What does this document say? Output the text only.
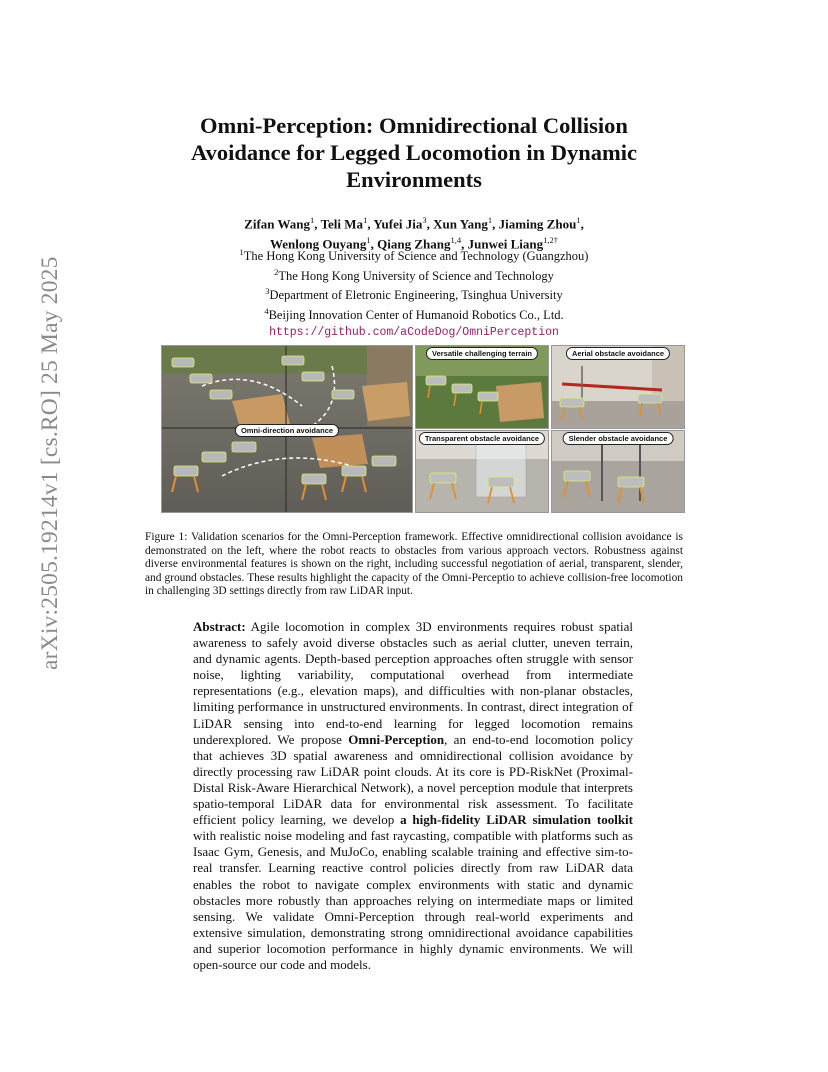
arXiv:2505.19214v1 [cs.RO] 25 May 2025
Omni-Perception: Omnidirectional Collision Avoidance for Legged Locomotion in Dynamic Environments
Zifan Wang$^1$, Teli Ma$^1$, Yufei Jia$^3$, Xun Yang$^1$, Jiaming Zhou$^1$,
Wenlong Ouyang$^1$, Qiang Zhang$^{1,4}$, Junwei Liang$^{1,2\dagger}$
$^1$The Hong Kong University of Science and Technology (Guangzhou)
$^2$The Hong Kong University of Science and Technology
$^3$Department of Eletronic Engineering, Tsinghua University
$^4$Beijing Innovation Center of Humanoid Robotics Co., Ltd.
https://github.com/aCodeDog/OmniPerception
Omni-direction avoidance
Versatile challenging terrain	Aerial obstacle avoidance
Transparent obstacle avoidance	Slender obstacle avoidance
Figure 1: Validation scenarios for the Omni-Perception framework. Effective omnidirectional collision avoidance is demonstrated on the left, where the robot reacts to obstacles from various approach vectors. Robustness against diverse environmental features is shown on the right, including successful negotiation of aerial, transparent, slender, and ground obstacles. These results highlight the capacity of the Omni-Perceptio to achieve collision-free locomotion in challenging 3D settings directly from raw LiDAR input.
Abstract: Agile locomotion in complex 3D environments requires robust spatial awareness to safely avoid diverse obstacles such as aerial clutter, uneven terrain, and dynamic agents. Depth-based perception approaches often struggle with sensor noise, lighting variability, computational overhead from intermediate representations (e.g., elevation maps), and difficulties with non-planar obstacles, limiting performance in unstructured environments. In contrast, direct integration of LiDAR sensing into end-to-end learning for legged locomotion remains underexplored. We propose Omni-Perception, an end-to-end locomotion policy that achieves 3D spatial awareness and omnidirectional collision avoidance by directly processing raw LiDAR point clouds. At its core is PD-RiskNet (Proximal-Distal Risk-Aware Hierarchical Network), a novel perception module that interprets spatio-temporal LiDAR data for environmental risk assessment. To facilitate efficient policy learning, we develop a high-fidelity LiDAR simulation toolkit with realistic noise modeling and fast raycasting, compatible with platforms such as Isaac Gym, Genesis, and MuJoCo, enabling scalable training and effective sim-to-real transfer. Learning reactive control policies directly from raw LiDAR data enables the robot to navigate complex environments with static and dynamic obstacles more robustly than approaches relying on intermediate maps or limited sensing. We validate Omni-Perception through real-world experiments and extensive simulation, demonstrating strong omnidirectional avoidance capabilities and superior locomotion performance in highly dynamic environments. We will open-source our code and models.
